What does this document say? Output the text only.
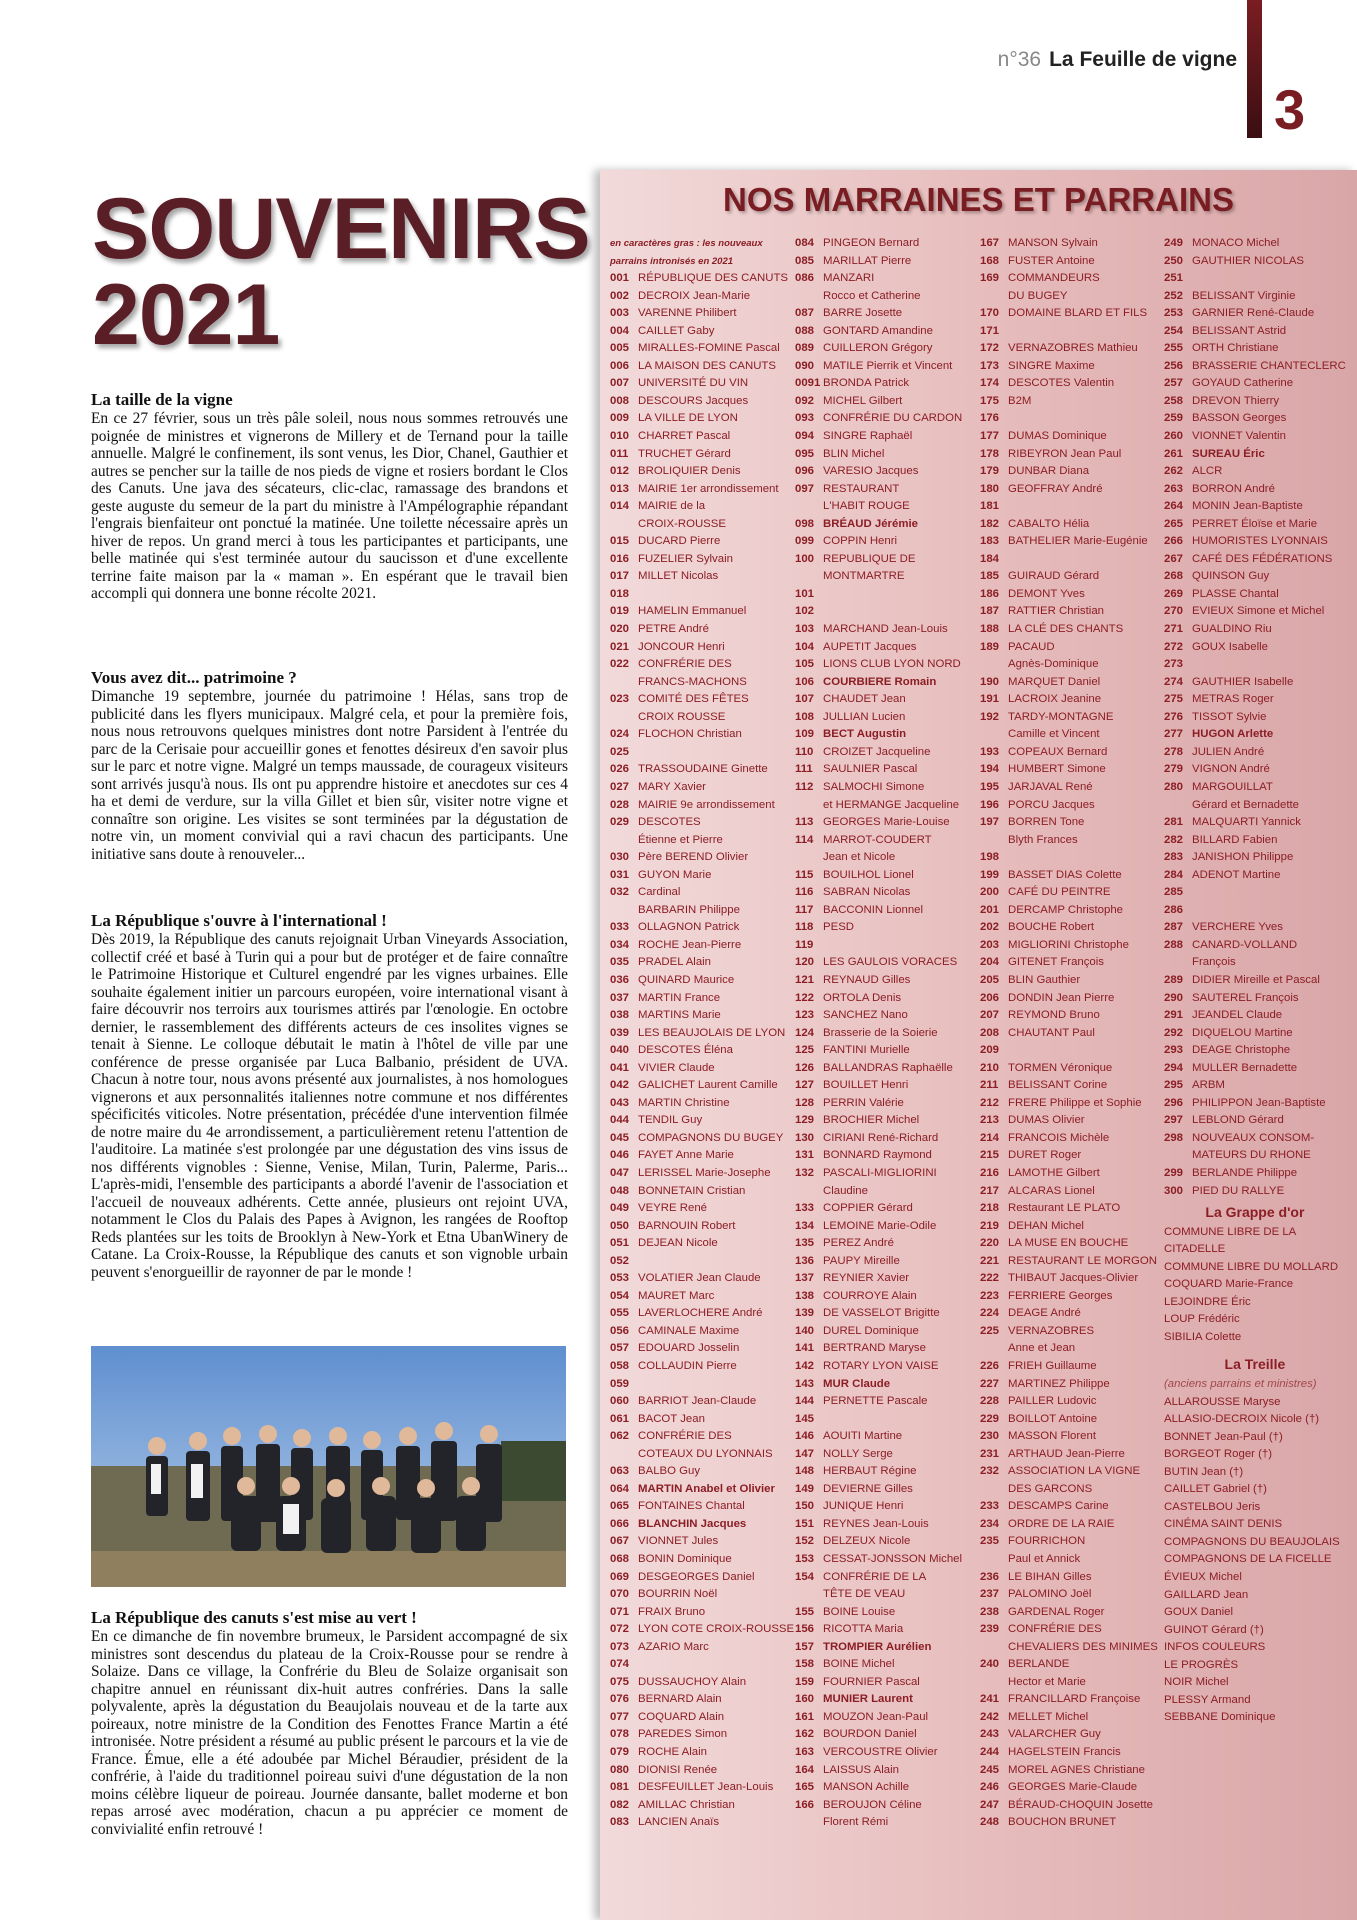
n°36 La Feuille de vigne
3
SOUVENIRS
2021
La taille de la vigne

En ce 27 février, sous un très pâle soleil, nous nous sommes retrouvés une poignée de ministres et vignerons de Millery et de Ternand pour la taille annuelle. Malgré le confinement, ils sont venus, les Dior, Chanel, Gauthier et autres se pencher sur la taille de nos pieds de vigne et rosiers bordant le Clos des Canuts. Une java des sécateurs, clic-clac, ramassage des brandons et geste auguste du semeur de la part du ministre à l'Ampélographie répandant l'engrais bienfaiteur ont ponctué la matinée. Une toilette nécessaire après un hiver de repos. Un grand merci à tous les participantes et participants, une belle matinée qui s'est terminée autour du saucisson et d'une excellente terrine faite maison par la « maman ». En espérant que le travail bien accompli qui donnera une bonne récolte 2021.

Vous avez dit... patrimoine ?

Dimanche 19 septembre, journée du patrimoine ! Hélas, sans trop de publicité dans les flyers municipaux. Malgré cela, et pour la première fois, nous nous retrouvons quelques ministres dont notre Parsident à l'entrée du parc de la Cerisaie pour accueillir gones et fenottes désireux d'en savoir plus sur le parc et notre vigne. Malgré un temps maussade, de courageux visiteurs sont arrivés jusqu'à nous. Ils ont pu apprendre histoire et anecdotes sur ces 4 ha et demi de verdure, sur la villa Gillet et bien sûr, visiter notre vigne et connaître son origine. Les visites se sont terminées par la dégustation de notre vin, un moment convivial qui a ravi chacun des participants. Une initiative sans doute à renouveler...

La République s'ouvre à l'international !

Dès 2019, la République des canuts rejoignait Urban Vineyards Association, collectif créé et basé à Turin qui a pour but de protéger et de faire connaître le Patrimoine Historique et Culturel engendré par les vignes urbaines. Elle souhaite également initier un parcours européen, voire international visant à faire découvrir nos terroirs aux tourismes attirés par l'œnologie. En octobre dernier, le rassemblement des différents acteurs de ces insolites vignes se tenait à Sienne. Le colloque débutait le matin à l'hôtel de ville par une conférence de presse organisée par Luca Balbanio, président de UVA. Chacun à notre tour, nous avons présenté aux journalistes, à nos homologues vignerons et aux personnalités italiennes notre commune et nos différentes spécificités viticoles. Notre présentation, précédée d'une intervention filmée de notre maire du 4e arrondissement, a particulièrement retenu l'attention de l'auditoire. La matinée s'est prolongée par une dégustation des vins issus de nos différents vignobles : Sienne, Venise, Milan, Turin, Palerme, Paris... L'après-midi, l'ensemble des participants a abordé l'avenir de l'association et l'accueil de nouveaux adhérents. Cette année, plusieurs ont rejoint UVA, notamment le Clos du Palais des Papes à Avignon, les rangées de Rooftop Reds plantées sur les toits de Brooklyn à New-York et Etna UbanWinery de Catane. La Croix-Rousse, la République des canuts et son vignoble urbain peuvent s'enorgueillir de rayonner de par le monde !

La République des canuts s'est mise au vert !

En ce dimanche de fin novembre brumeux, le Parsident accompagné de six ministres sont descendus du plateau de la Croix-Rousse pour se rendre à Solaize. Dans ce village, la Confrérie du Bleu de Solaize organisait son chapitre annuel en réunissant dix-huit autres confréries. Dans la salle polyvalente, après la dégustation du Beaujolais nouveau et de la tarte aux poireaux, notre ministre de la Condition des Fenottes France Martin a été intronisée. Notre président a résumé au public présent le parcours et la vie de France. Émue, elle a été adoubée par Michel Béraudier, président de la confrérie, à l'aide du traditionnel poireau suivi d'une dégustation de la non moins célèbre liqueur de poireau. Journée dansante, ballet moderne et bon repas arrosé avec modération, chacun a pu apprécier ce moment de convivialité enfin retrouvé !

NOS MARRAINES ET PARRAINS
en caractères gras : les nouveaux
parrains intronisés en 2021
001 RÉPUBLIQUE DES CANUTS
002 DECROIX Jean-Marie
003 VARENNE Philibert
004 CAILLET Gaby
005 MIRALLES-FOMINE Pascal
006 LA MAISON DES CANUTS
007 UNIVERSITÉ DU VIN
008 DESCOURS Jacques
009 LA VILLE DE LYON
010 CHARRET Pascal
011 TRUCHET Gérard
012 BROLIQUIER Denis
013 MAIRIE 1er arrondissement
014 MAIRIE de la
CROIX-ROUSSE
015 DUCARD Pierre
016 FUZELIER Sylvain
017 MILLET Nicolas
018
019 HAMELIN Emmanuel
020 PETRE André
021 JONCOUR Henri
022 CONFRÉRIE DES
FRANCS-MACHONS
023 COMITÉ DES FÊTES
CROIX ROUSSE
024 FLOCHON Christian
025
026 TRASSOUDAINE Ginette
027 MARY Xavier
028 MAIRIE 9e arrondissement
029 DESCOTES
Étienne et Pierre
030 Père BEREND Olivier
031 GUYON Marie
032 Cardinal
BARBARIN Philippe
033 OLLAGNON Patrick
034 ROCHE Jean-Pierre
035 PRADEL Alain
036 QUINARD Maurice
037 MARTIN France
038 MARTINS Marie
039 LES BEAUJOLAIS DE LYON
040 DESCOTES Éléna
041 VIVIER Claude
042 GALICHET Laurent Camille
043 MARTIN Christine
044 TENDIL Guy
045 COMPAGNONS DU BUGEY
046 FAYET Anne Marie
047 LERISSEL Marie-Josephe
048 BONNETAIN Cristian
049 VEYRE René
050 BARNOUIN Robert
051 DEJEAN Nicole
052
053 VOLATIER Jean Claude
054 MAURET Marc
055 LAVERLOCHERE André
056 CAMINALE Maxime
057 EDOUARD Josselin
058 COLLAUDIN Pierre
059
060 BARRIOT Jean-Claude
061 BACOT Jean
062 CONFRÉRIE DES
COTEAUX DU LYONNAIS
063 BALBO Guy
064 MARTIN Anabel et Olivier
065 FONTAINES Chantal
066 BLANCHIN Jacques
067 VIONNET Jules
068 BONIN Dominique
069 DESGEORGES Daniel
070 BOURRIN Noël
071 FRAIX Bruno
072 LYON COTE CROIX-ROUSSE
073 AZARIO Marc
074
075 DUSSAUCHOY Alain
076 BERNARD Alain
077 COQUARD Alain
078 PAREDES Simon
079 ROCHE Alain
080 DIONISI Renée
081 DESFEUILLET Jean-Louis
082 AMILLAC Christian
083 LANCIEN Anaïs
084 PINGEON Bernard
085 MARILLAT Pierre
086 MANZARI
Rocco et Catherine
087 BARRE Josette
088 GONTARD Amandine
089 CUILLERON Grégory
090 MATILE Pierrik et Vincent
0091 BRONDA Patrick
092 MICHEL Gilbert
093 CONFRÉRIE DU CARDON
094 SINGRE Raphaël
095 BLIN Michel
096 VARESIO Jacques
097 RESTAURANT
L'HABIT ROUGE
098 BRÉAUD Jérémie
099 COPPIN Henri
100 REPUBLIQUE DE
MONTMARTRE
101
102
103 MARCHAND Jean-Louis
104 AUPETIT Jacques
105 LIONS CLUB LYON NORD
106 COURBIERE Romain
107 CHAUDET Jean
108 JULLIAN Lucien
109 BECT Augustin
110 CROIZET Jacqueline
111 SAULNIER Pascal
112 SALMOCHI Simone
et HERMANGE Jacqueline
113 GEORGES Marie-Louise
114 MARROT-COUDERT
Jean et Nicole
115 BOUILHOL Lionel
116 SABRAN Nicolas
117 BACCONIN Lionnel
118 PESD
119
120 LES GAULOIS VORACES
121 REYNAUD Gilles
122 ORTOLA Denis
123 SANCHEZ Nano
124 Brasserie de la Soierie
125 FANTINI Murielle
126 BALLANDRAS Raphaëlle
127 BOUILLET Henri
128 PERRIN Valérie
129 BROCHIER Michel
130 CIRIANI René-Richard
131 BONNARD Raymond
132 PASCALI-MIGLIORINI
Claudine
133 COPPIER Gérard
134 LEMOINE Marie-Odile
135 PEREZ André
136 PAUPY Mireille
137 REYNIER Xavier
138 COURROYE Alain
139 DE VASSELOT Brigitte
140 DUREL Dominique
141 BERTRAND Maryse
142 ROTARY LYON VAISE
143 MUR Claude
144 PERNETTE Pascale
145
146 AOUITI Martine
147 NOLLY Serge
148 HERBAUT Régine
149 DEVIERNE Gilles
150 JUNIQUE Henri
151 REYNES Jean-Louis
152 DELZEUX Nicole
153 CESSAT-JONSSON Michel
154 CONFRÉRIE DE LA
TÊTE DE VEAU
155 BOINE Louise
156 RICOTTA Maria
157 TROMPIER Aurélien
158 BOINE Michel
159 FOURNIER Pascal
160 MUNIER Laurent
161 MOUZON Jean-Paul
162 BOURDON Daniel
163 VERCOUSTRE Olivier
164 LAISSUS Alain
165 MANSON Achille
166 BEROUJON Céline
Florent Rémi
167 MANSON Sylvain
168 FUSTER Antoine
169 COMMANDEURS
DU BUGEY
170 DOMAINE BLARD ET FILS
171
172 VERNAZOBRES Mathieu
173 SINGRE Maxime
174 DESCOTES Valentin
175 B2M
176
177 DUMAS Dominique
178 RIBEYRON Jean Paul
179 DUNBAR Diana
180 GEOFFRAY André
181
182 CABALTO Hélia
183 BATHELIER Marie-Eugénie
184
185 GUIRAUD Gérard
186 DEMONT Yves
187 RATTIER Christian
188 LA CLÉ DES CHANTS
189 PACAUD
Agnès-Dominique
190 MARQUET Daniel
191 LACROIX Jeanine
192 TARDY-MONTAGNE
Camille et Vincent
193 COPEAUX Bernard
194 HUMBERT Simone
195 JARJAVAL René
196 PORCU Jacques
197 BORREN Tone
Blyth Frances
198
199 BASSET DIAS Colette
200 CAFÉ DU PEINTRE
201 DERCAMP Christophe
202 BOUCHE Robert
203 MIGLIORINI Christophe
204 GITENET François
205 BLIN Gauthier
206 DONDIN Jean Pierre
207 REYMOND Bruno
208 CHAUTANT Paul
209
210 TORMEN Véronique
211 BELISSANT Corine
212 FRERE Philippe et Sophie
213 DUMAS Olivier
214 FRANCOIS Michèle
215 DURET Roger
216 LAMOTHE Gilbert
217 ALCARAS Lionel
218 Restaurant LE PLATO
219 DEHAN Michel
220 LA MUSE EN BOUCHE
221 RESTAURANT LE MORGON
222 THIBAUT Jacques-Olivier
223 FERRIERE Georges
224 DEAGE André
225 VERNAZOBRES
Anne et Jean
226 FRIEH Guillaume
227 MARTINEZ Philippe
228 PAILLER Ludovic
229 BOILLOT Antoine
230 MASSON Florent
231 ARTHAUD Jean-Pierre
232 ASSOCIATION LA VIGNE
DES GARCONS
233 DESCAMPS Carine
234 ORDRE DE LA RAIE
235 FOURRICHON
Paul et Annick
236 LE BIHAN Gilles
237 PALOMINO Joël
238 GARDENAL Roger
239 CONFRÉRIE DES
CHEVALIERS DES MINIMES
240 BERLANDE
Hector et Marie
241 FRANCILLARD Françoise
242 MELLET Michel
243 VALARCHER Guy
244 HAGELSTEIN Francis
245 MOREL AGNES Christiane
246 GEORGES Marie-Claude
247 BÉRAUD-CHOQUIN Josette
248 BOUCHON BRUNET
249 MONACO Michel
250 GAUTHIER NICOLAS
251
252 BELISSANT Virginie
253 GARNIER René-Claude
254 BELISSANT Astrid
255 ORTH Christiane
256 BRASSERIE CHANTECLERC
257 GOYAUD Catherine
258 DREVON Thierry
259 BASSON Georges
260 VIONNET Valentin
261 SUREAU Éric
262 ALCR
263 BORRON André
264 MONIN Jean-Baptiste
265 PERRET Éloïse et Marie
266 HUMORISTES LYONNAIS
267 CAFÉ DES FÉDÉRATIONS
268 QUINSON Guy
269 PLASSE Chantal
270 EVIEUX Simone et Michel
271 GUALDINO Riu
272 GOUX Isabelle
273
274 GAUTHIER Isabelle
275 METRAS Roger
276 TISSOT Sylvie
277 HUGON Arlette
278 JULIEN André
279 VIGNON André
280 MARGOUILLAT
Gérard et Bernadette
281 MALQUARTI Yannick
282 BILLARD Fabien
283 JANISHON Philippe
284 ADENOT Martine
285
286
287 VERCHERE Yves
288 CANARD-VOLLAND
François
289 DIDIER Mireille et Pascal
290 SAUTEREL François
291 JEANDEL Claude
292 DIQUELOU Martine
293 DEAGE Christophe
294 MULLER Bernadette
295 ARBM
296 PHILIPPON Jean-Baptiste
297 LEBLOND Gérard
298 NOUVEAUX CONSOM-
MATEURS DU RHONE
299 BERLANDE Philippe
300 PIED DU RALLYE
La Grappe d'or
COMMUNE LIBRE DE LA
CITADELLE
COMMUNE LIBRE DU MOLLARD
COQUARD Marie-France
LEJOINDRE Éric
LOUP Frédéric
SIBILIA Colette
La Treille
(anciens parrains et ministres)
ALLAROUSSE Maryse
ALLASIO-DECROIX Nicole (†)
BONNET Jean-Paul (†)
BORGEOT Roger (†)
BUTIN Jean (†)
CAILLET Gabriel (†)
CASTELBOU Jeris
CINÉMA SAINT DENIS
COMPAGNONS DU BEAUJOLAIS
COMPAGNONS DE LA FICELLE
ÉVIEUX Michel
GAILLARD Jean
GOUX Daniel
GUINOT Gérard (†)
INFOS COULEURS
LE PROGRÈS
NOIR Michel
PLESSY Armand
SEBBANE Dominique
